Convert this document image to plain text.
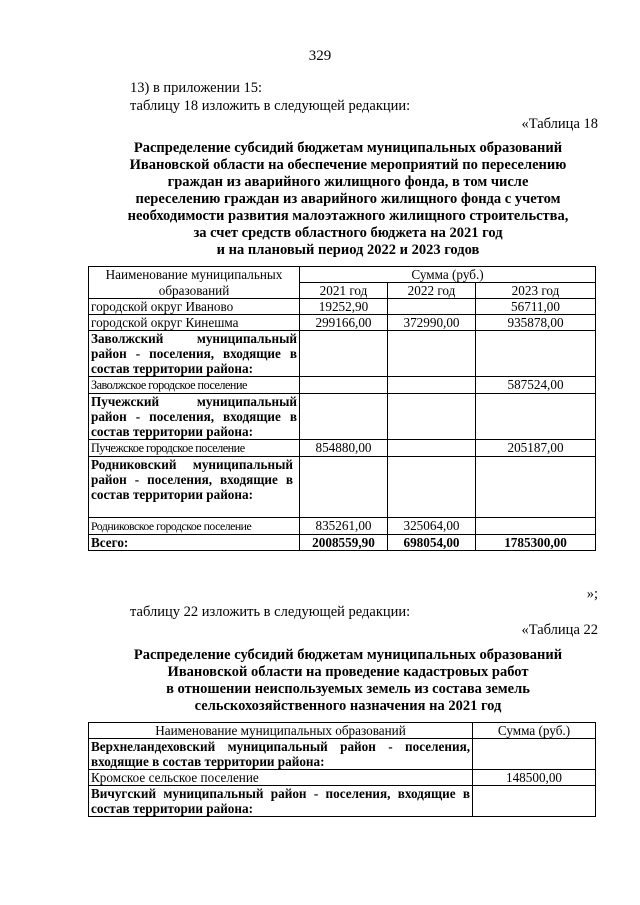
329
13) в приложении 15:
таблицу 18 изложить в следующей редакции:
«Таблица 18
Распределение субсидий бюджетам муниципальных образований
Ивановской области на обеспечение мероприятий по переселению
граждан из аварийного жилищного фонда, в том числе
переселению граждан из аварийного жилищного фонда с учетом
необходимости развития малоэтажного жилищного строительства,
за счет средств областного бюджета на 2021 год
и на плановый период 2022 и 2023 годов
Наименование муниципальных	Сумма (руб.)		
образований	2021 год	2022 год	2023 год
городской округ Иваново	19252,90		56711,00
городской округ Кинешма	299166,00	372990,00	935878,00
Заволжский муниципальный район - поселения, входящие в состав территории района:			
Заволжское городское поселение			587524,00
Пучежский муниципальный район - поселения, входящие в состав территории района:			
Пучежское городское поселение	854880,00		205187,00
Родниковский муниципальный район - поселения, входящие в состав территории района:			
Родниковское городское поселение	835261,00	325064,00	
Всего:	2008559,90	698054,00	1785300,00
»;
таблицу 22 изложить в следующей редакции:
«Таблица 22
Распределение субсидий бюджетам муниципальных образований
Ивановской области на проведение кадастровых работ
в отношении неиспользуемых земель из состава земель
сельскохозяйственного назначения на 2021 год
Наименование муниципальных образований	Сумма (руб.)
Верхнеландеховский муниципальный район - поселения, входящие в состав территории района:	
Кромское сельское поселение	148500,00
Вичугский муниципальный район - поселения, входящие в состав территории района:	
